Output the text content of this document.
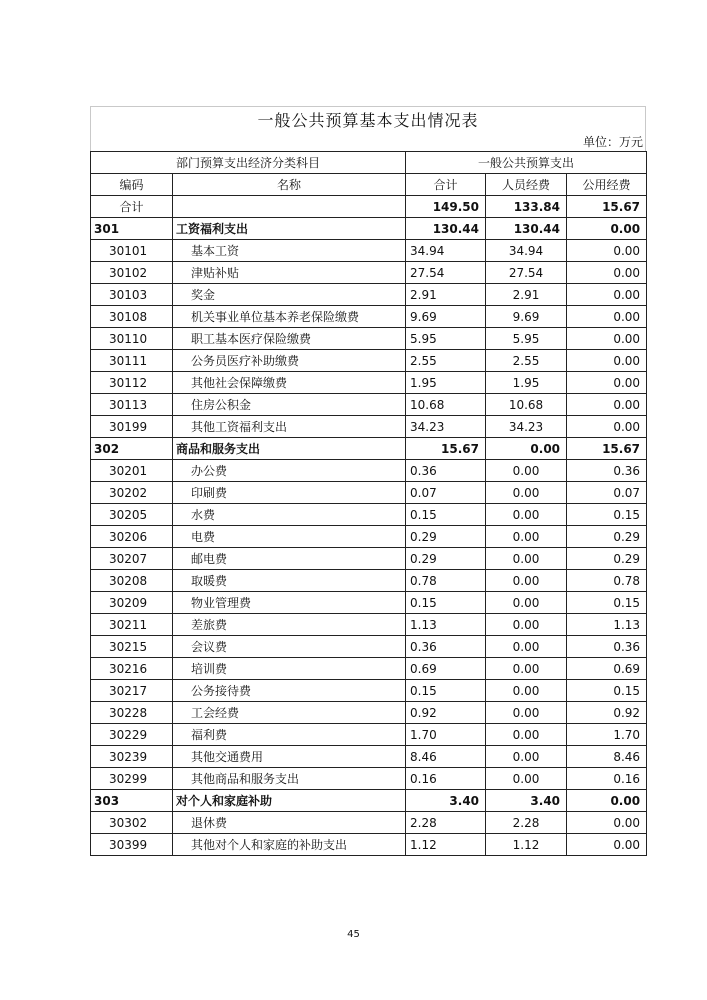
一般公共预算基本支出情况表
单位：万元
部门预算支出经济分类科目		一般公共预算支出		
编码	名称	合计	人员经费	公用经费
合计		149.50	133.84	15.67
301	工资福利支出	130.44	130.44	0.00
30101	基本工资	34.94	34.94	0.00
30102	津贴补贴	27.54	27.54	0.00
30103	奖金	2.91	2.91	0.00
30108	机关事业单位基本养老保险缴费	9.69	9.69	0.00
30110	职工基本医疗保险缴费	5.95	5.95	0.00
30111	公务员医疗补助缴费	2.55	2.55	0.00
30112	其他社会保障缴费	1.95	1.95	0.00
30113	住房公积金	10.68	10.68	0.00
30199	其他工资福利支出	34.23	34.23	0.00
302	商品和服务支出	15.67	0.00	15.67
30201	办公费	0.36	0.00	0.36
30202	印刷费	0.07	0.00	0.07
30205	水费	0.15	0.00	0.15
30206	电费	0.29	0.00	0.29
30207	邮电费	0.29	0.00	0.29
30208	取暖费	0.78	0.00	0.78
30209	物业管理费	0.15	0.00	0.15
30211	差旅费	1.13	0.00	1.13
30215	会议费	0.36	0.00	0.36
30216	培训费	0.69	0.00	0.69
30217	公务接待费	0.15	0.00	0.15
30228	工会经费	0.92	0.00	0.92
30229	福利费	1.70	0.00	1.70
30239	其他交通费用	8.46	0.00	8.46
30299	其他商品和服务支出	0.16	0.00	0.16
303	对个人和家庭补助	3.40	3.40	0.00
30302	退休费	2.28	2.28	0.00
30399	其他对个人和家庭的补助支出	1.12	1.12	0.00
45
